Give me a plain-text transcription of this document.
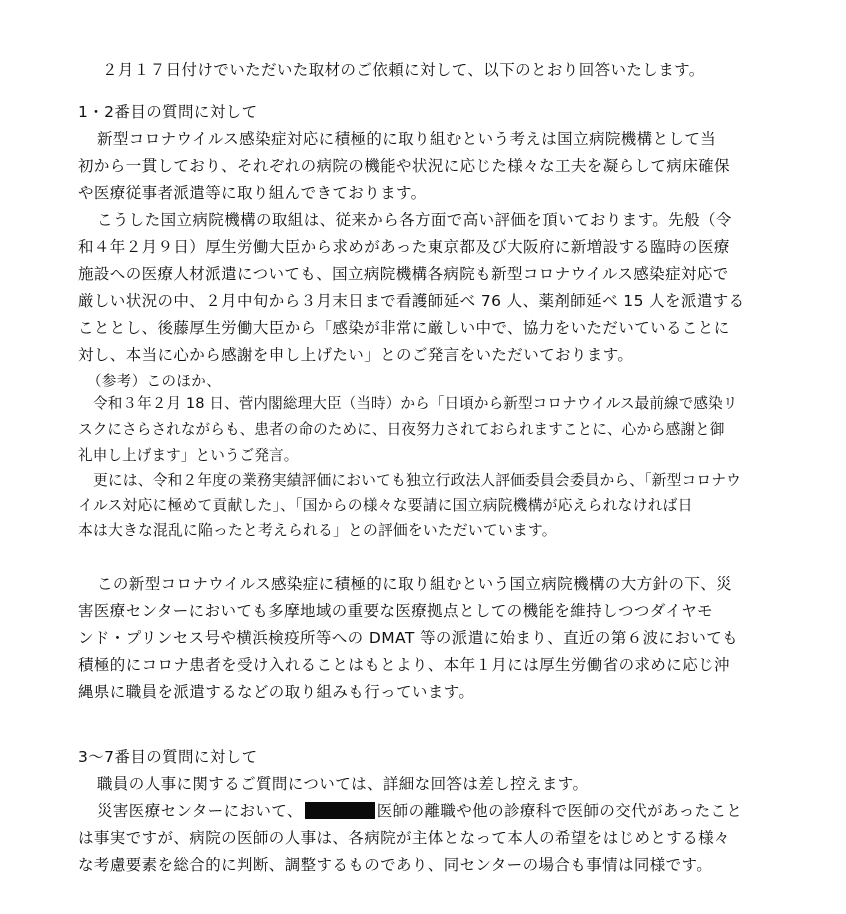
２月１７日付けでいただいた取材のご依頼に対して、以下のとおり回答いたします。
1・2番目の質問に対して
新型コロナウイルス感染症対応に積極的に取り組むという考えは国立病院機構として当
初から一貫しており、それぞれの病院の機能や状況に応じた様々な工夫を凝らして病床確保
や医療従事者派遣等に取り組んできております。
こうした国立病院機構の取組は、従来から各方面で高い評価を頂いております。先般（令
和４年２月９日）厚生労働大臣から求めがあった東京都及び大阪府に新増設する臨時の医療
施設への医療人材派遣についても、国立病院機構各病院も新型コロナウイルス感染症対応で
厳しい状況の中、２月中旬から３月末日まで看護師延べ 76 人、薬剤師延べ 15 人を派遣する
こととし、後藤厚生労働大臣から「感染が非常に厳しい中で、協力をいただいていることに
対し、本当に心から感謝を申し上げたい」とのご発言をいただいております。
（参考）このほか、
令和３年２月 18 日、菅内閣総理大臣（当時）から「日頃から新型コロナウイルス最前線で感染リ
スクにさらされながらも、患者の命のために、日夜努力されておられますことに、心から感謝と御
礼申し上げます」というご発言。
更には、令和２年度の業務実績評価においても独立行政法人評価委員会委員から、「新型コロナウ
イルス対応に極めて貢献した」、「国からの様々な要請に国立病院機構が応えられなければ日
本は大きな混乱に陥ったと考えられる」との評価をいただいています。
この新型コロナウイルス感染症に積極的に取り組むという国立病院機構の大方針の下、災
害医療センターにおいても多摩地域の重要な医療拠点としての機能を維持しつつダイヤモ
ンド・プリンセス号や横浜検疫所等への DMAT 等の派遣に始まり、直近の第６波においても
積極的にコロナ患者を受け入れることはもとより、本年１月には厚生労働省の求めに応じ沖
縄県に職員を派遣するなどの取り組みも行っています。
3～7番目の質問に対して
職員の人事に関するご質問については、詳細な回答は差し控えます。
災害医療センターにおいて、	医師の離職や他の診療科で医師の交代があったこと
は事実ですが、病院の医師の人事は、各病院が主体となって本人の希望をはじめとする様々
な考慮要素を総合的に判断、調整するものであり、同センターの場合も事情は同様です。
